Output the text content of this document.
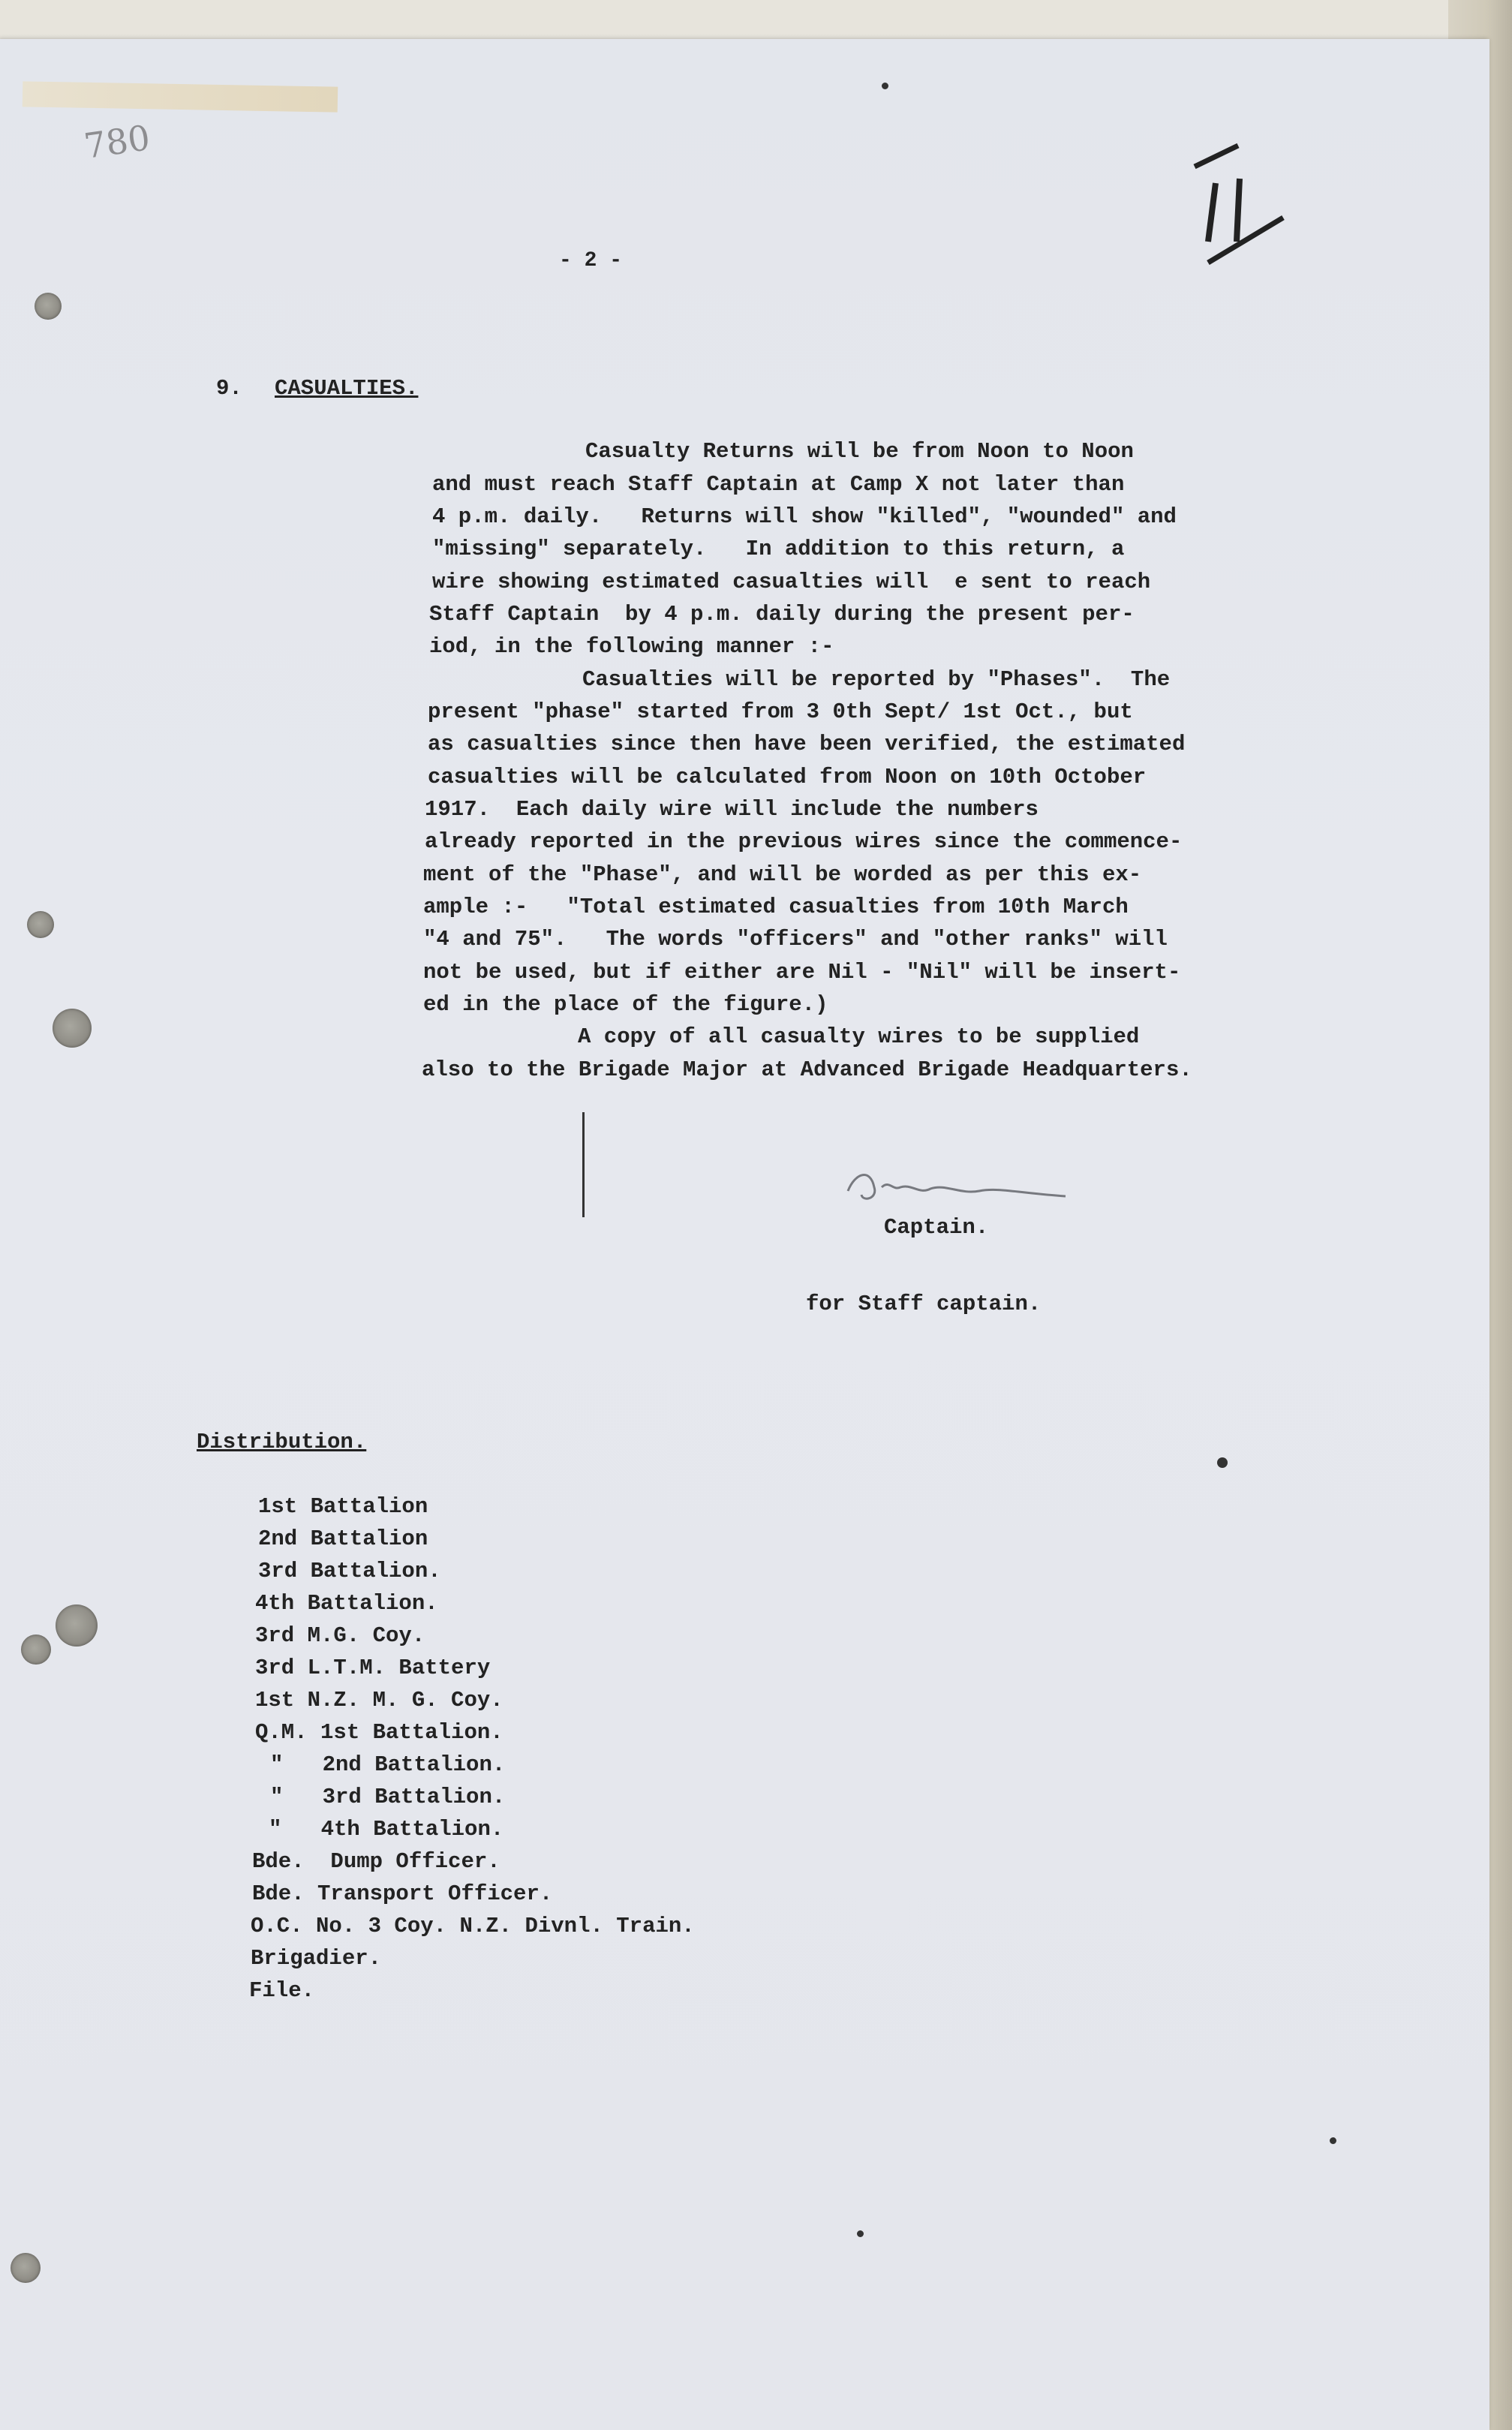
780
- 2 -
9. CASUALTIES.
Casualty Returns will be from Noon to Noon
and must reach Staff Captain at Camp X not later than
4 p.m. daily.   Returns will show "killed", "wounded" and
"missing" separately.   In addition to this return, a
wire showing estimated casualties will  e sent to reach
Staff Captain  by 4 p.m. daily during the present per-
iod, in the following manner :-
Casualties will be reported by "Phases".  The
present "phase" started from 3 0th Sept/ 1st Oct., but
as casualties since then have been verified, the estimated
casualties will be calculated from Noon on 10th October
1917.  Each daily wire will include the numbers
already reported in the previous wires since the commence-
ment of the "Phase", and will be worded as per this ex-
ample :-   "Total estimated casualties from 10th March
"4 and 75".   The words "officers" and "other ranks" will
not be used, but if either are Nil - "Nil" will be insert-
ed in the place of the figure.)
A copy of all casualty wires to be supplied
also to the Brigade Major at Advanced Brigade Headquarters.
Captain.
for Staff captain.
Distribution.
1st Battalion
2nd Battalion
3rd Battalion.
4th Battalion.
3rd M.G. Coy.
3rd L.T.M. Battery
1st N.Z. M. G. Coy.
Q.M. 1st Battalion.
"   2nd Battalion.
"   3rd Battalion.
"   4th Battalion.
Bde.  Dump Officer.
Bde. Transport Officer.
O.C. No. 3 Coy. N.Z. Divnl. Train.
Brigadier.
File.
